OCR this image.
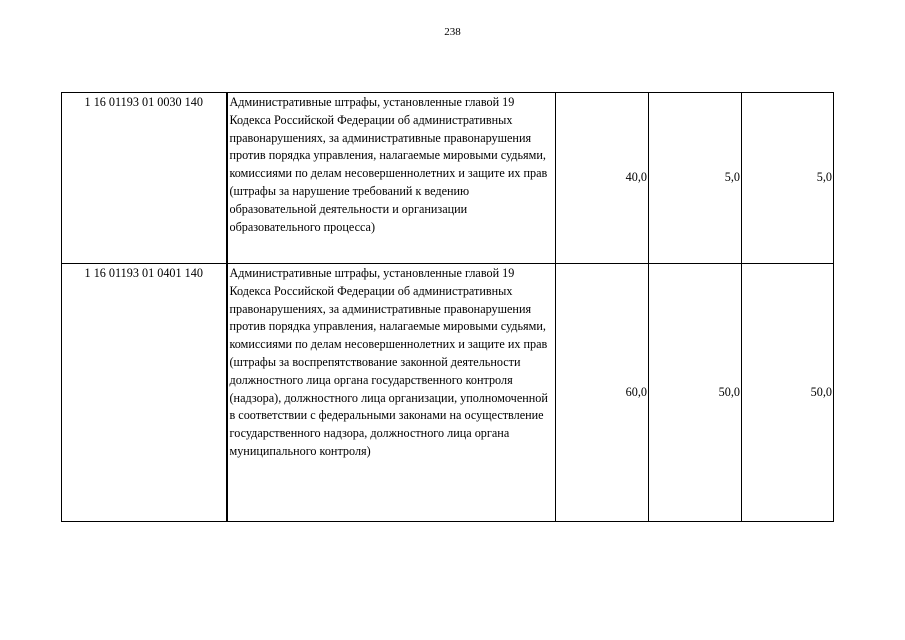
238
1 16 01193 01 0030 140	Административные штрафы, установленные главой 19 Кодекса Российской Федерации об административных правонарушениях, за административные правонарушения против порядка управления, налагаемые мировыми судьями, комиссиями по делам несовершеннолетних и защите их прав (штрафы за нарушение требований к ведению образовательной деятельности и организации образовательного процесса)	40,0	5,0	5,0
1 16 01193 01 0401 140	Административные штрафы, установленные главой 19 Кодекса Российской Федерации об административных правонарушениях, за административные правонарушения против порядка управления, налагаемые мировыми судьями, комиссиями по делам несовершеннолетних и защите их прав (штрафы за воспрепятствование законной деятельности должностного лица органа государственного контроля (надзора), должностного лица организации, уполномоченной в соответствии с федеральными законами на осуществление государственного надзора, должностного лица органа муниципального контроля)	60,0	50,0	50,0
